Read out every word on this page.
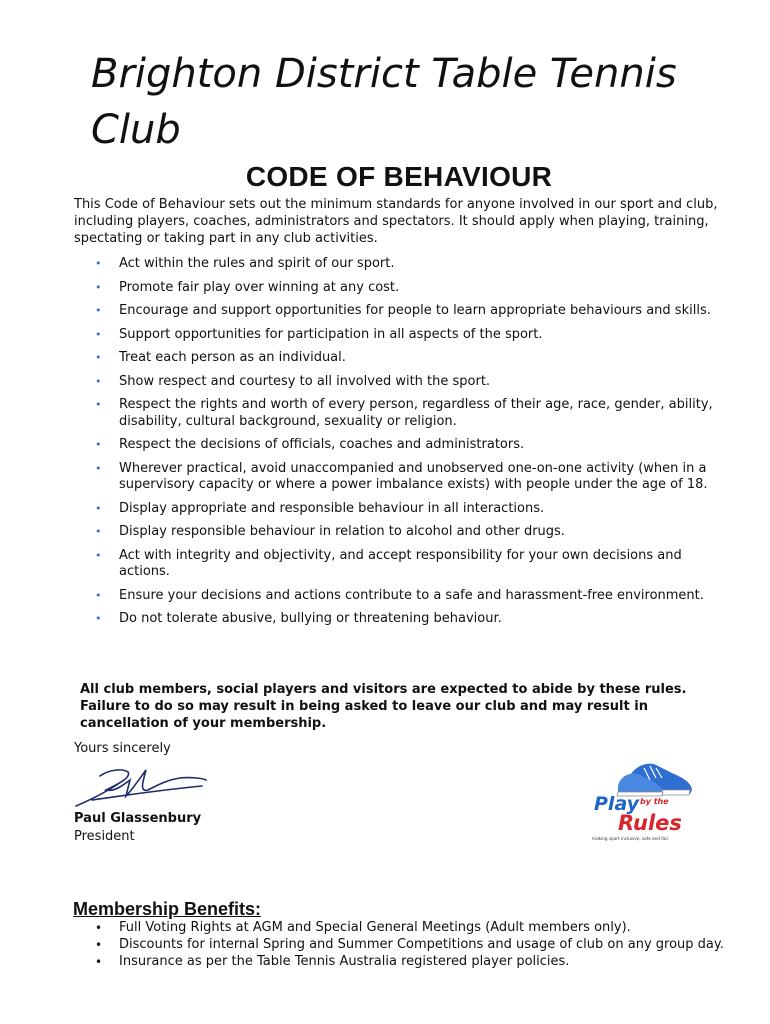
Brighton District Table Tennis Club
CODE OF BEHAVIOUR

This Code of Behaviour sets out the minimum standards for anyone involved in our sport and club, including players, coaches, administrators and spectators. It should apply when playing, training, spectating or taking part in any club activities.

• Act within the rules and spirit of our sport.
• Promote fair play over winning at any cost.
• Encourage and support opportunities for people to learn appropriate behaviours and skills.
• Support opportunities for participation in all aspects of the sport.
• Treat each person as an individual.
• Show respect and courtesy to all involved with the sport.
• Respect the rights and worth of every person, regardless of their age, race, gender, ability, disability, cultural background, sexuality or religion.
• Respect the decisions of officials, coaches and administrators.
• Wherever practical, avoid unaccompanied and unobserved one-on-one activity (when in a supervisory capacity or where a power imbalance exists) with people under the age of 18.
• Display appropriate and responsible behaviour in all interactions.
• Display responsible behaviour in relation to alcohol and other drugs.
• Act with integrity and objectivity, and accept responsibility for your own decisions and actions.
• Ensure your decisions and actions contribute to a safe and harassment-free environment.
• Do not tolerate abusive, bullying or threatening behaviour.

All club members, social players and visitors are expected to abide by these rules. Failure to do so may result in being asked to leave our club and may result in cancellation of your membership.

Yours sincerely

Paul Glassenbury
President
Play by the
Rules
making sport inclusive, safe and fair.
Membership Benefits:
• Full Voting Rights at AGM and Special General Meetings (Adult members only).
• Discounts for internal Spring and Summer Competitions and usage of club on any group day.
• Insurance as per the Table Tennis Australia registered player policies.
